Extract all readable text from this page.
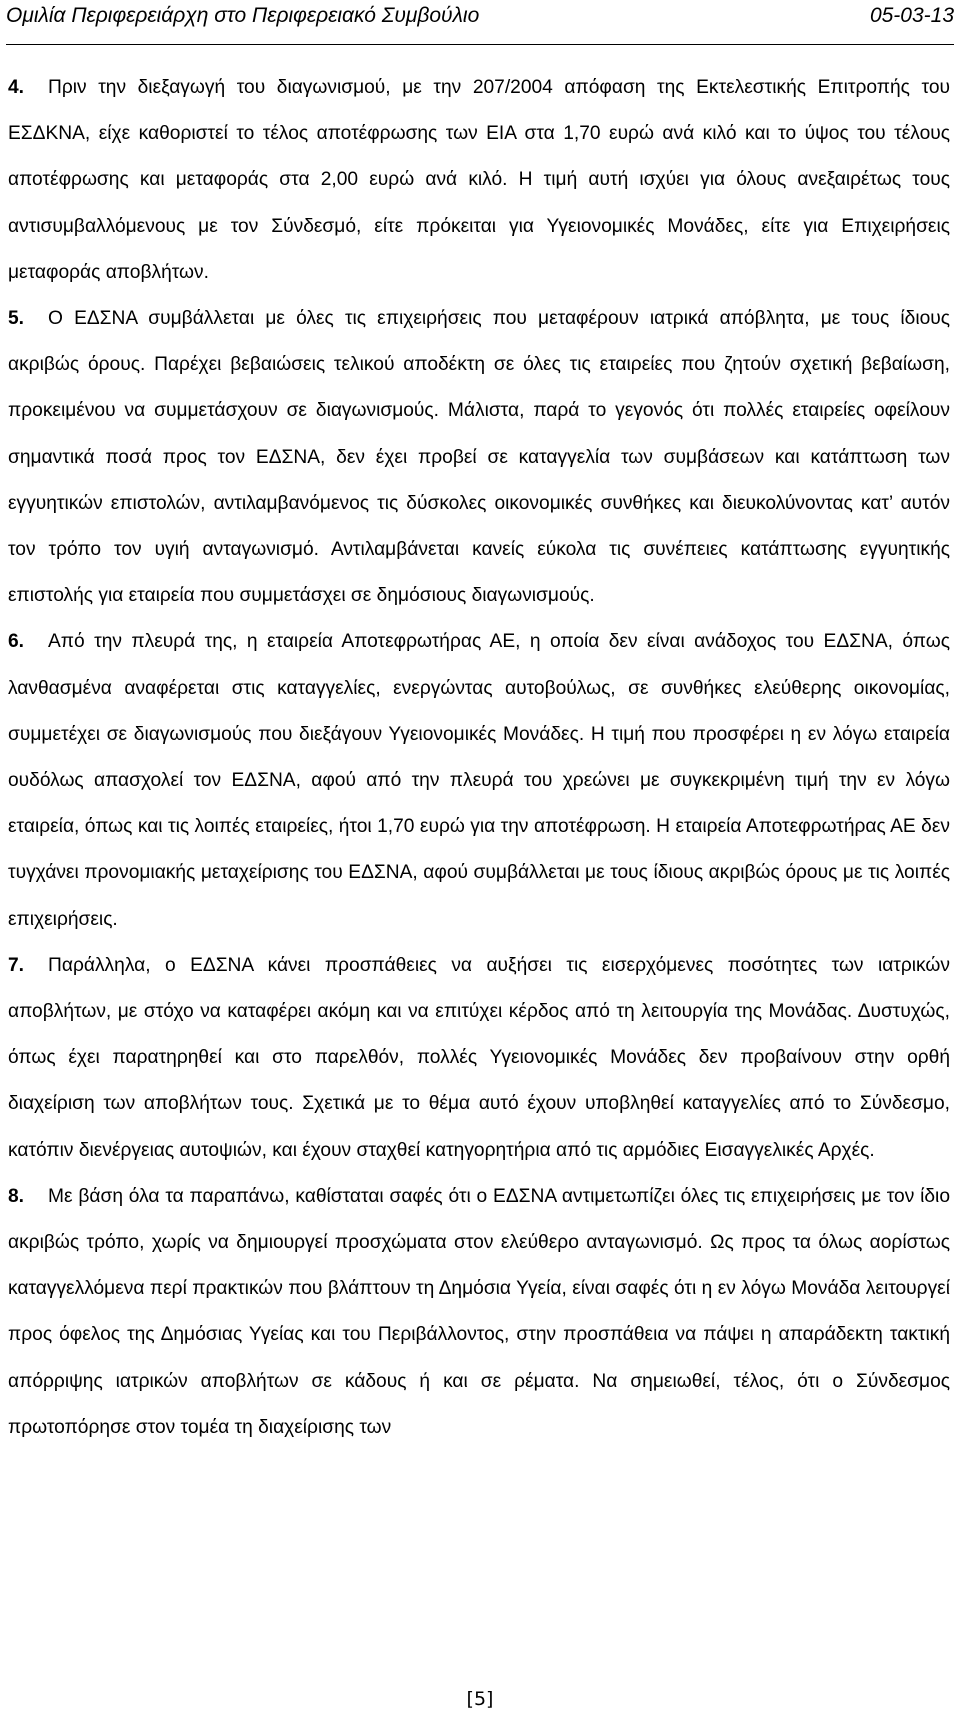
Ομιλία Περιφερειάρχη στο Περιφερειακό Συμβούλιο	05-03-13

4. Πριν την διεξαγωγή του διαγωνισμού, με την 207/2004 απόφαση της Εκτελεστικής Επιτροπής του ΕΣΔΚΝΑ, είχε καθοριστεί το τέλος αποτέφρωσης των ΕΙΑ στα 1,70 ευρώ ανά κιλό και το ύψος του τέλους αποτέφρωσης και μεταφοράς στα 2,00 ευρώ ανά κιλό. Η τιμή αυτή ισχύει για όλους ανεξαιρέτως τους αντισυμβαλλόμενους με τον Σύνδεσμό, είτε πρόκειται για Υγειονομικές Μονάδες, είτε για Επιχειρήσεις μεταφοράς αποβλήτων.

5. Ο ΕΔΣΝΑ συμβάλλεται με όλες τις επιχειρήσεις που μεταφέρουν ιατρικά απόβλητα, με τους ίδιους ακριβώς όρους. Παρέχει βεβαιώσεις τελικού αποδέκτη σε όλες τις εταιρείες που ζητούν σχετική βεβαίωση, προκειμένου να συμμετάσχουν σε διαγωνισμούς. Μάλιστα, παρά το γεγονός ότι πολλές εταιρείες οφείλουν σημαντικά ποσά προς τον ΕΔΣΝΑ, δεν έχει προβεί σε καταγγελία των συμβάσεων και κατάπτωση των εγγυητικών επιστολών, αντιλαμβανόμενος τις δύσκολες οικονομικές συνθήκες και διευκολύνοντας κατ’ αυτόν τον τρόπο τον υγιή ανταγωνισμό. Αντιλαμβάνεται κανείς εύκολα τις συνέπειες κατάπτωσης εγγυητικής επιστολής για εταιρεία που συμμετάσχει σε δημόσιους διαγωνισμούς.

6. Από την πλευρά της, η εταιρεία Αποτεφρωτήρας ΑΕ, η οποία δεν είναι ανάδοχος του ΕΔΣΝΑ, όπως λανθασμένα αναφέρεται στις καταγγελίες, ενεργώντας αυτοβούλως, σε συνθήκες ελεύθερης οικονομίας, συμμετέχει σε διαγωνισμούς που διεξάγουν Υγειονομικές Μονάδες. Η τιμή που προσφέρει η εν λόγω εταιρεία ουδόλως απασχολεί τον ΕΔΣΝΑ, αφού από την πλευρά του χρεώνει με συγκεκριμένη τιμή την εν λόγω εταιρεία, όπως και τις λοιπές εταιρείες, ήτοι 1,70 ευρώ για την αποτέφρωση. Η εταιρεία Αποτεφρωτήρας ΑΕ δεν τυγχάνει προνομιακής μεταχείρισης του ΕΔΣΝΑ, αφού συμβάλλεται με τους ίδιους ακριβώς όρους με τις λοιπές επιχειρήσεις.

7. Παράλληλα, ο ΕΔΣΝΑ κάνει προσπάθειες να αυξήσει τις εισερχόμενες ποσότητες των ιατρικών αποβλήτων, με στόχο να καταφέρει ακόμη και να επιτύχει κέρδος από τη λειτουργία της Μονάδας. Δυστυχώς, όπως έχει παρατηρηθεί και στο παρελθόν, πολλές Υγειονομικές Μονάδες δεν προβαίνουν στην ορθή διαχείριση των αποβλήτων τους. Σχετικά με το θέμα αυτό έχουν υποβληθεί καταγγελίες από το Σύνδεσμο, κατόπιν διενέργειας αυτοψιών, και έχουν σταχθεί κατηγορητήρια από τις αρμόδιες Εισαγγελικές Αρχές.

8. Με βάση όλα τα παραπάνω, καθίσταται σαφές ότι ο ΕΔΣΝΑ αντιμετωπίζει όλες τις επιχειρήσεις με τον ίδιο ακριβώς τρόπο, χωρίς να δημιουργεί προσχώματα στον ελεύθερο ανταγωνισμό. Ως προς τα όλως αορίστως καταγγελλόμενα περί πρακτικών που βλάπτουν τη Δημόσια Υγεία, είναι σαφές ότι η εν λόγω Μονάδα λειτουργεί προς όφελος της Δημόσιας Υγείας και του Περιβάλλοντος, στην προσπάθεια να πάψει η απαράδεκτη τακτική απόρριψης ιατρικών αποβλήτων σε κάδους ή και σε ρέματα. Να σημειωθεί, τέλος, ότι ο Σύνδεσμος πρωτοπόρησε στον τομέα τη διαχείρισης των

[5]
